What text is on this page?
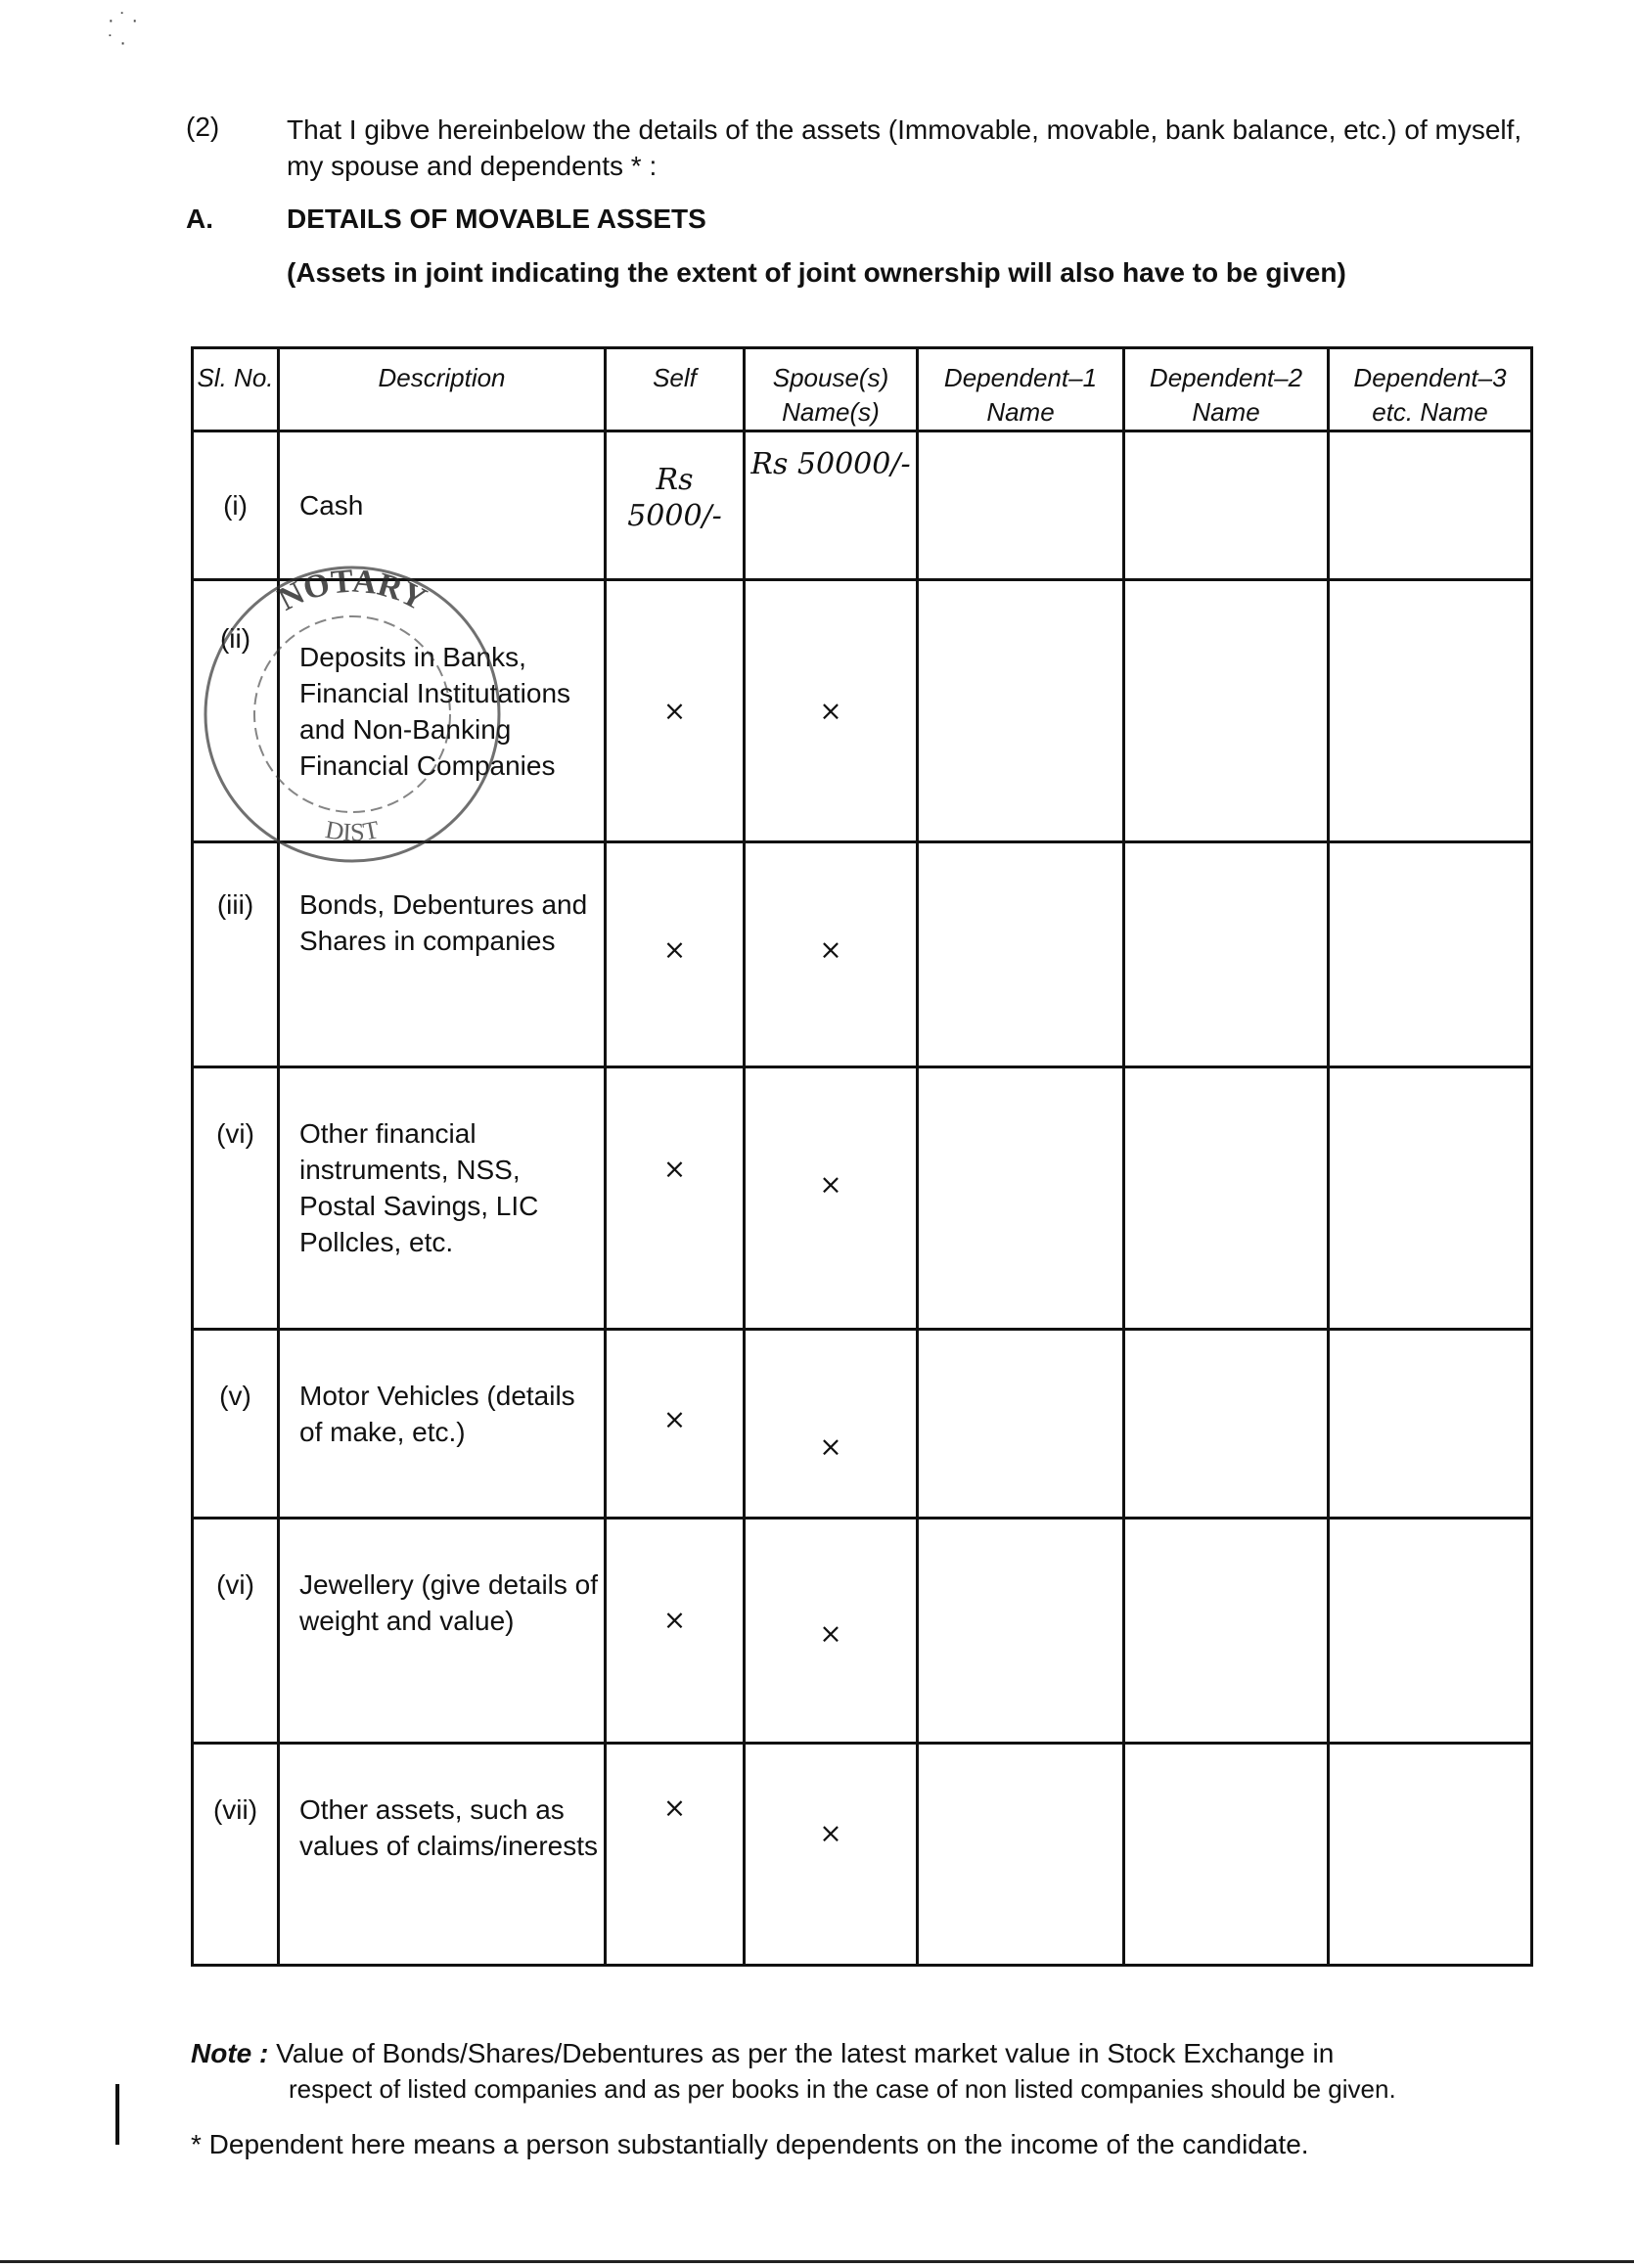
· ˙ ·
˙ ·
(2) That I gibve hereinbelow the details of the assets (Immovable, movable, bank balance, etc.) of myself, my spouse and dependents * :
A.	DETAILS OF MOVABLE ASSETS
(Assets in joint indicating the extent of joint ownership will also have to be given)
Sl. No.	Description	Self	Spouse(s) Name(s)	Dependent–1 Name	Dependent–2 Name	Dependent–3 etc. Name
(i)	Cash	Rs 5000/-	Rs 50000/-			
(ii)	Deposits in Banks, Financial Institutations and Non-Banking Financial Companies	×	×			
(iii)	Bonds, Debentures and Shares in companies	×	×			
(vi)	Other financial instruments, NSS, Postal Savings, LIC Pollcles, etc.	×	×			
(v)	Motor Vehicles (details of make, etc.)	×	×			
(vi)	Jewellery (give details of weight and value)	×	×			
(vii)	Other assets, such as values of claims/inerests	×	×			
NOTARY
DIST
Note : Value of Bonds/Shares/Debentures as per the latest market value in Stock Exchange in
respect of listed companies and as per books in the case of non listed companies should be given.
* Dependent here means a person substantially dependents on the income of the candidate.
